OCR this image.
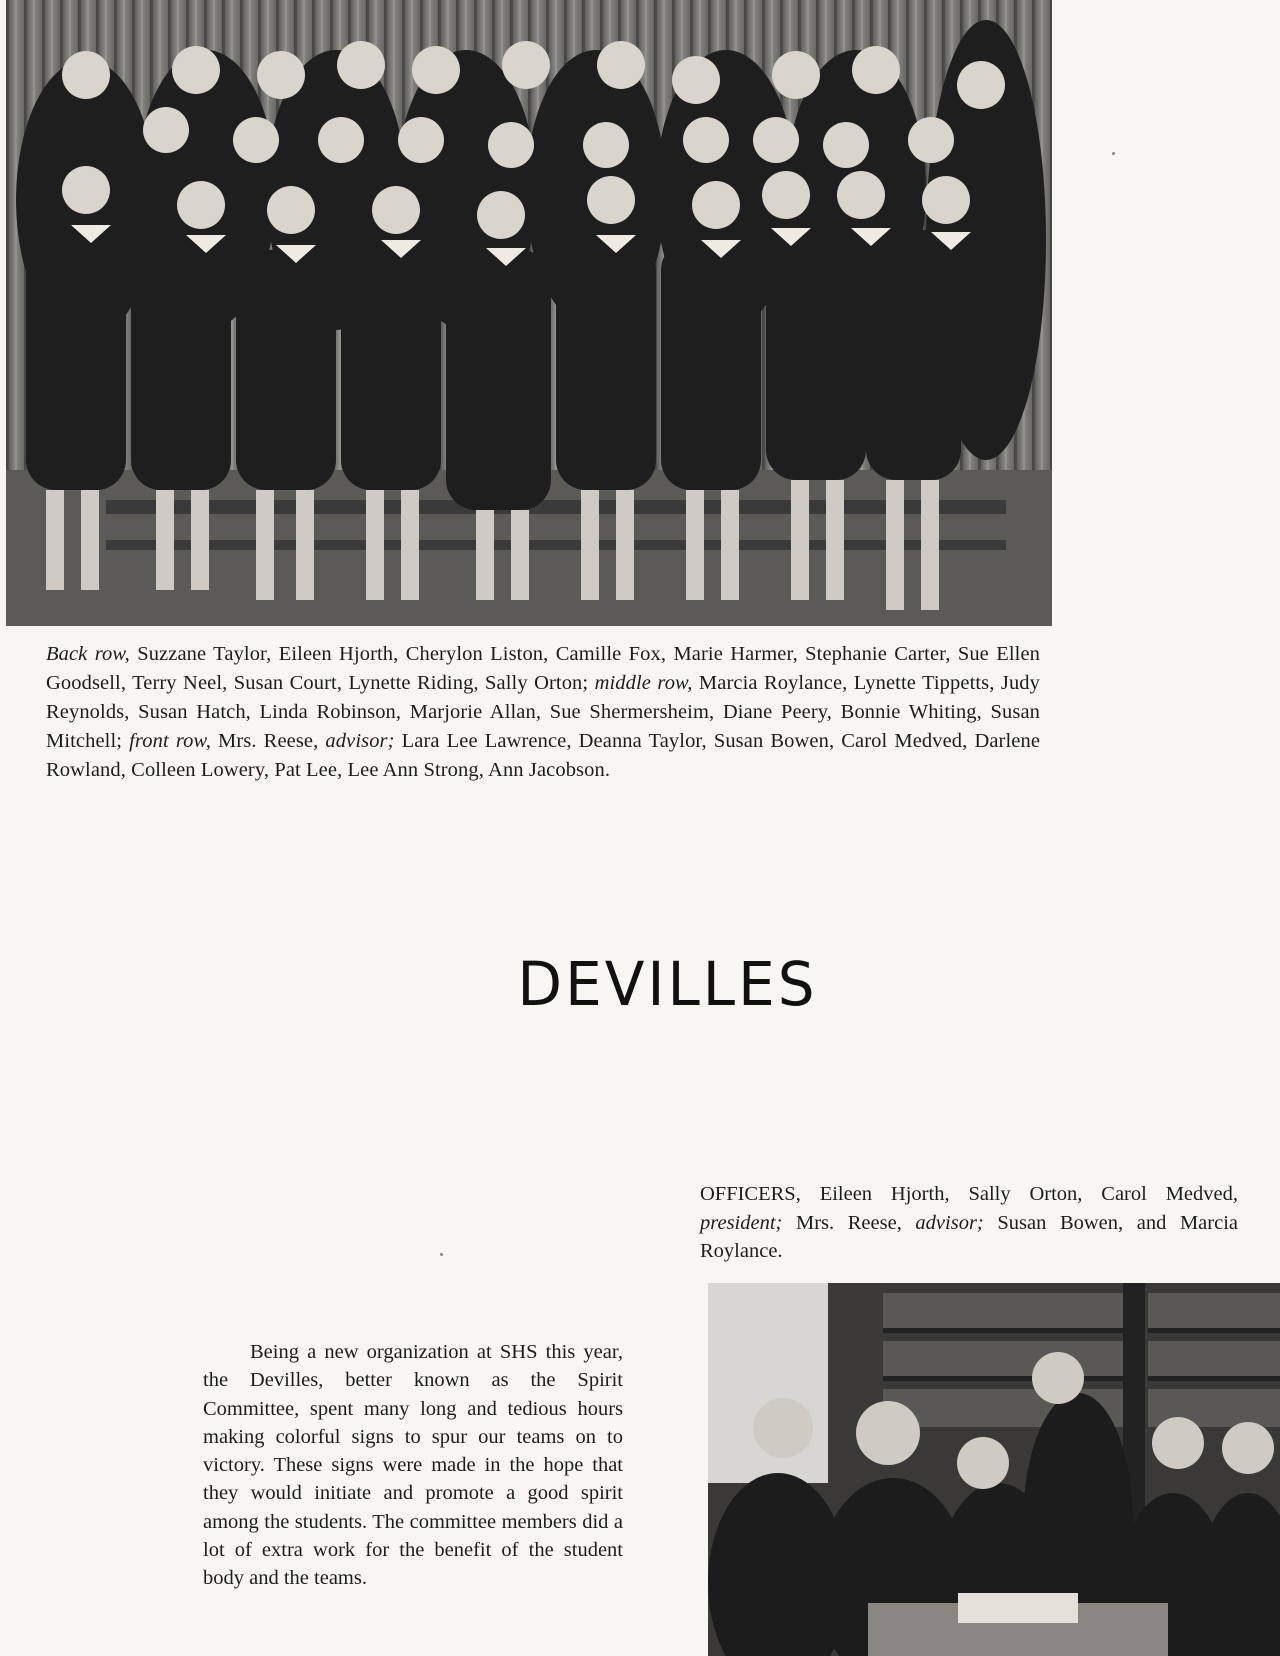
Back row, Suzzane Taylor, Eileen Hjorth, Cherylon Liston, Camille Fox, Marie Harmer, Stephanie Carter, Sue Ellen Goodsell, Terry Neel, Susan Court, Lynette Riding, Sally Orton; middle row, Marcia Roylance, Lynette Tippetts, Judy Reynolds, Susan Hatch, Linda Robinson, Marjorie Allan, Sue Shermersheim, Diane Peery, Bonnie Whiting, Susan Mitchell; front row, Mrs. Reese, advisor; Lara Lee Lawrence, Deanna Taylor, Susan Bowen, Carol Medved, Darlene Rowland, Colleen Lowery, Pat Lee, Lee Ann Strong, Ann Jacobson.
DEVILLES
OFFICERS, Eileen Hjorth, Sally Orton, Carol Medved, president; Mrs. Reese, advisor; Susan Bowen, and Marcia Roylance.

Being a new organization at SHS this year, the Devilles, better known as the Spirit Committee, spent many long and tedious hours making colorful signs to spur our teams on to victory. These signs were made in the hope that they would initiate and promote a good spirit among the students. The committee members did a lot of extra work for the benefit of the student body and the teams.
